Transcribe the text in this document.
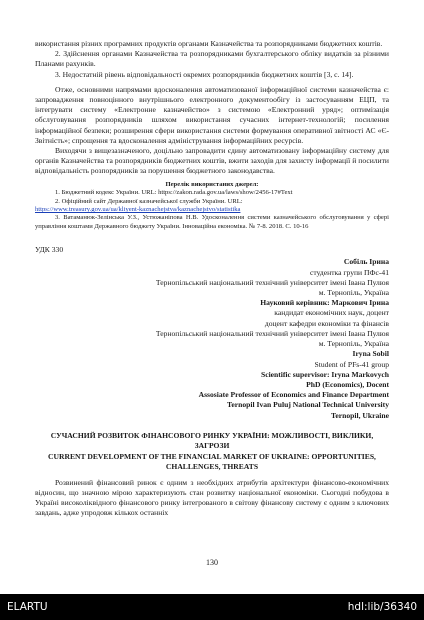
використання різних програмних продуктів органами Казначейства та розпорядниками бюджетних коштів.

2. Здійснення органами Казначейства та розпорядниками бухгалтерського обліку видатків за різними Планами рахунків.

3. Недостатній рівень відповідальності окремих розпорядників бюджетних коштів [3, с. 14].

Отже, основними напрямами вдосконалення автоматизованої інформаційної системи казначейства є: запровадження повноцінного внутрішнього електронного документообігу із застосуванням ЕЦП, та інтегрувати систему «Електронне казначейство» з системою «Електронний уряд»; оптимізація обслуговування розпорядників шляхом використання сучасних інтернет-технологій; посилення інформаційної безпеки; розширення сфери використання системи формування оперативної звітності АС «Є-Звітність»; спрощення та вдосконалення адміністрування інформаційних ресурсів.

Виходячи з вищезазначеного, доцільно запровадити єдину автоматизовану інформаційну систему для органів Казначейства та розпорядників бюджетних коштів, вжити заходів для захисту інформації й посилити відповідальність розпорядників за порушення бюджетного законодавства.

Перелік використаних джерел:

1. Бюджетний кодекс України. URL: https://zakon.rada.gov.ua/laws/show/2456-17#Text

2. Офіційний сайт Державної казначейської служби України. URL:
https://www.treasury.gov.ua/ua/kliyent-kaznachejstva/kaznachejstvo/statistika

3. Ватаманюк-Зелінська У.З., Устюжаніпова Н.В. Удосконалення системи казначейського обслуговування у сфері управління коштами Державного бюджету України. Інноваційна економіка. № 7-8. 2018. С. 10-16

УДК 330
Собіль Ірина
студентка групи ПФс-41
Тернопільський національний технічний університет імені Івана Пулюя
м. Тернопіль, Україна
Науковий керівник: Маркович Ірина
кандидат економічних наук, доцент
доцент кафедри економіки та фінансів
Тернопільський національний технічний університет імені Івана Пулюя
м. Тернопіль, Україна
Iryna Sobil
Student of PFs-41 group
Scientific supervisor: Iryna Markovych
PhD (Economics), Docent
Assosiate Professor of Economics and Finance Department
Ternopil Ivan Puluj National Technical University
Ternopil, Ukraine
СУЧАСНИЙ РОЗВИТОК ФІНАНСОВОГО РИНКУ УКРАЇНИ: МОЖЛИВОСТІ, ВИКЛИКИ, ЗАГРОЗИ
CURRENT DEVELOPMENT OF THE FINANCIAL MARKET OF UKRAINE: OPPORTUNITIES, CHALLENGES, THREATS

Розвинений фінансовий ринок є одним з необхідних атрибутів архітектури фінансово-економічних відносин, що значною мірою характеризують стан розвитку національної економіки. Сьогодні побудова в Україні високоліквідного фінансового ринку інтегрованого в світову фінансову систему є одним з ключових завдань, адже упродовж кількох останніх

130
ELARTU	hdl:lib/36340
